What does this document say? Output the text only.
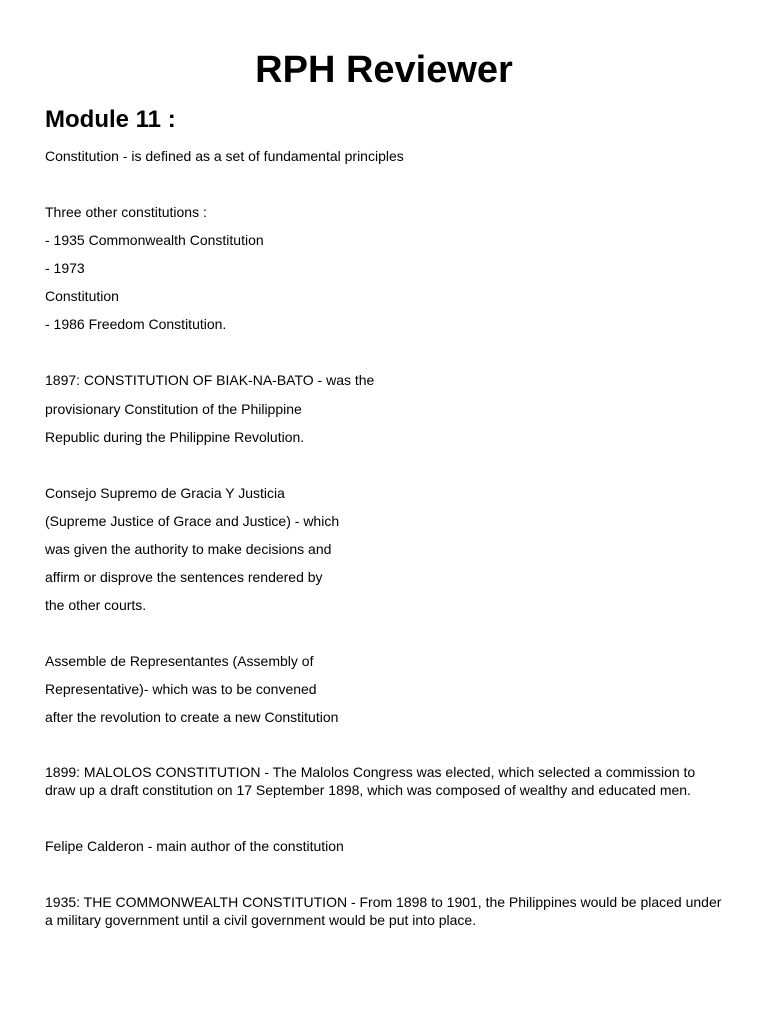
RPH Reviewer
Module 11 :

Constitution - is defined as a set of fundamental principles

Three other constitutions :

- 1935 Commonwealth Constitution

- 1973

Constitution

- 1986 Freedom Constitution.

1897: CONSTITUTION OF BIAK-NA-BATO - was the

provisionary Constitution of the Philippine

Republic during the Philippine Revolution.

Consejo Supremo de Gracia Y Justicia

(Supreme Justice of Grace and Justice) - which

was given the authority to make decisions and

affirm or disprove the sentences rendered by

the other courts.

Assemble de Representantes (Assembly of

Representative)- which was to be convened

after the revolution to create a new Constitution

1899: MALOLOS CONSTITUTION - The Malolos Congress was elected, which selected a commission to draw up a draft constitution on 17 September 1898, which was composed of wealthy and educated men.

Felipe Calderon - main author of the constitution

1935: THE COMMONWEALTH CONSTITUTION - From 1898 to 1901, the Philippines would be placed under a military government until a civil government would be put into place.
